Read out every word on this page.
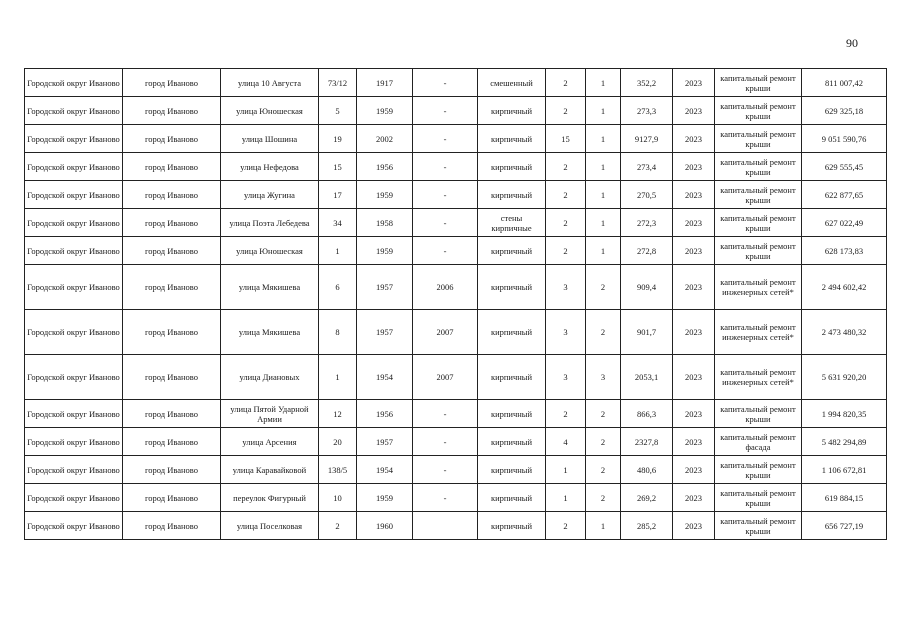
90
Городской округ Иваново	город Иваново	улица 10 Августа	73/12	1917	-	смешенный	2	1	352,2	2023	капитальный ремонт крыши	811 007,42
Городской округ Иваново	город Иваново	улица Юношеская	5	1959	-	кирпичный	2	1	273,3	2023	капитальный ремонт крыши	629 325,18
Городской округ Иваново	город Иваново	улица Шошина	19	2002	-	кирпичный	15	1	9127,9	2023	капитальный ремонт крыши	9 051 590,76
Городской округ Иваново	город Иваново	улица Нефедова	15	1956	-	кирпичный	2	1	273,4	2023	капитальный ремонт крыши	629 555,45
Городской округ Иваново	город Иваново	улица Жугина	17	1959	-	кирпичный	2	1	270,5	2023	капитальный ремонт крыши	622 877,65
Городской округ Иваново	город Иваново	улица Поэта Лебедева	34	1958	-	стены кирпичные	2	1	272,3	2023	капитальный ремонт крыши	627 022,49
Городской округ Иваново	город Иваново	улица Юношеская	1	1959	-	кирпичный	2	1	272,8	2023	капитальный ремонт крыши	628 173,83
Городской округ Иваново	город Иваново	улица Мякишева	6	1957	2006	кирпичный	3	2	909,4	2023	капитальный ремонт инженерных сетей*	2 494 602,42
Городской округ Иваново	город Иваново	улица Мякишева	8	1957	2007	кирпичный	3	2	901,7	2023	капитальный ремонт инженерных сетей*	2 473 480,32
Городской округ Иваново	город Иваново	улица Диановых	1	1954	2007	кирпичный	3	3	2053,1	2023	капитальный ремонт инженерных сетей*	5 631 920,20
Городской округ Иваново	город Иваново	улица Пятой Ударной Армии	12	1956	-	кирпичный	2	2	866,3	2023	капитальный ремонт крыши	1 994 820,35
Городской округ Иваново	город Иваново	улица Арсения	20	1957	-	кирпичный	4	2	2327,8	2023	капитальный ремонт фасада	5 482 294,89
Городской округ Иваново	город Иваново	улица Каравайковой	138/5	1954	-	кирпичный	1	2	480,6	2023	капитальный ремонт крыши	1 106 672,81
Городской округ Иваново	город Иваново	переулок Фигурный	10	1959	-	кирпичный	1	2	269,2	2023	капитальный ремонт крыши	619 884,15
Городской округ Иваново	город Иваново	улица Поселковая	2	1960		кирпичный	2	1	285,2	2023	капитальный ремонт крыши	656 727,19
